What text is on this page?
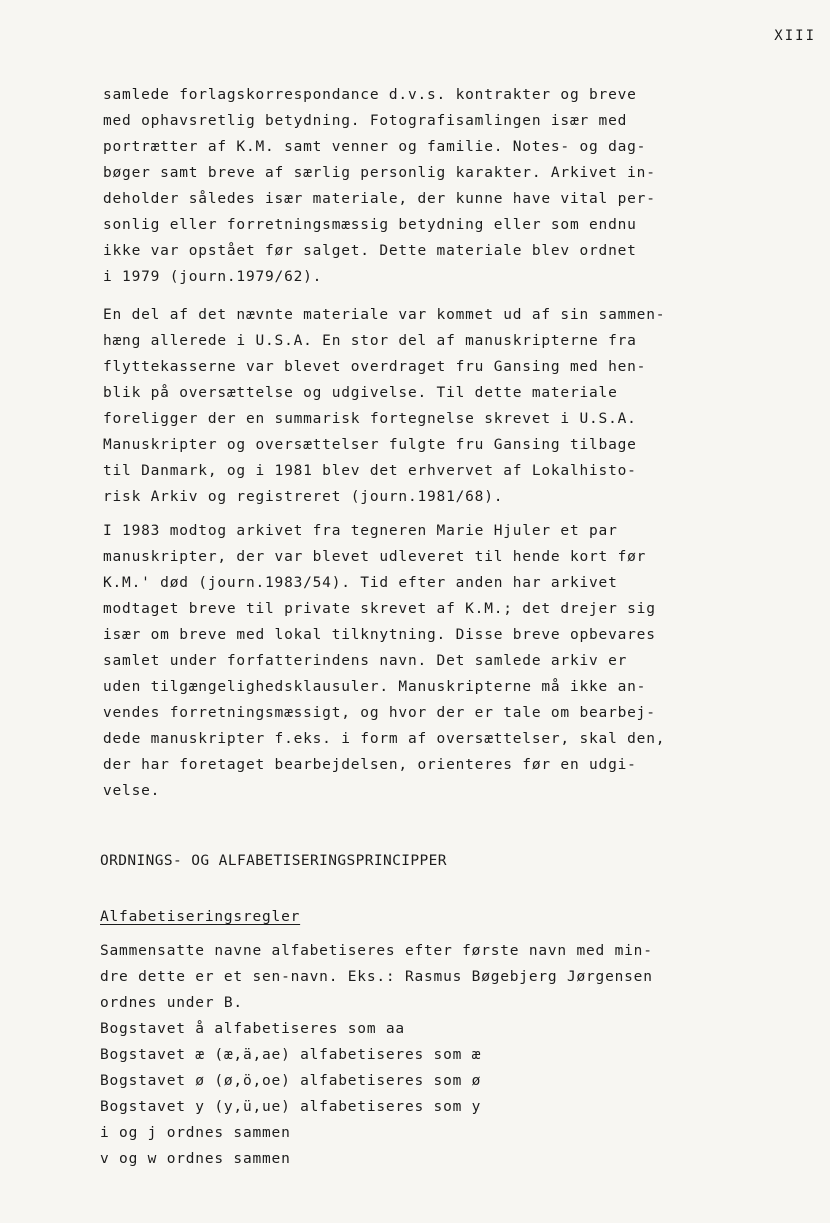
XIII
samlede forlagskorrespondance d.v.s. kontrakter og breve
med ophavsretlig betydning. Fotografisamlingen især med
portrætter af K.M. samt venner og familie. Notes- og dag-
bøger samt breve af særlig personlig karakter. Arkivet in-
deholder således især materiale, der kunne have vital per-
sonlig eller forretningsmæssig betydning eller som endnu
ikke var opstået før salget. Dette materiale blev ordnet
i 1979 (journ.1979/62).
En del af det nævnte materiale var kommet ud af sin sammen-
hæng allerede i U.S.A. En stor del af manuskripterne fra
flyttekasserne var blevet overdraget fru Gansing med hen-
blik på oversættelse og udgivelse. Til dette materiale
foreligger der en summarisk fortegnelse skrevet i U.S.A.
Manuskripter og oversættelser fulgte fru Gansing tilbage
til Danmark, og i 1981 blev det erhvervet af Lokalhisto-
risk Arkiv og registreret (journ.1981/68).
I 1983 modtog arkivet fra tegneren Marie Hjuler et par
manuskripter, der var blevet udleveret til hende kort før
K.M.' død (journ.1983/54). Tid efter anden har arkivet
modtaget breve til private skrevet af K.M.; det drejer sig
især om breve med lokal tilknytning. Disse breve opbevares
samlet under forfatterindens navn. Det samlede arkiv er
uden tilgængelighedsklausuler. Manuskripterne må ikke an-
vendes forretningsmæssigt, og hvor der er tale om bearbej-
dede manuskripter f.eks. i form af oversættelser, skal den,
der har foretaget bearbejdelsen, orienteres før en udgi-
velse.
ORDNINGS- OG ALFABETISERINGSPRINCIPPER
Alfabetiseringsregler
Sammensatte navne alfabetiseres efter første navn med min-
dre dette er et sen-navn. Eks.: Rasmus Bøgebjerg Jørgensen
ordnes under B.
Bogstavet å alfabetiseres som aa
Bogstavet æ (æ,ä,ae) alfabetiseres som æ
Bogstavet ø (ø,ö,oe) alfabetiseres som ø
Bogstavet y (y,ü,ue) alfabetiseres som y
i og j ordnes sammen
v og w ordnes sammen
